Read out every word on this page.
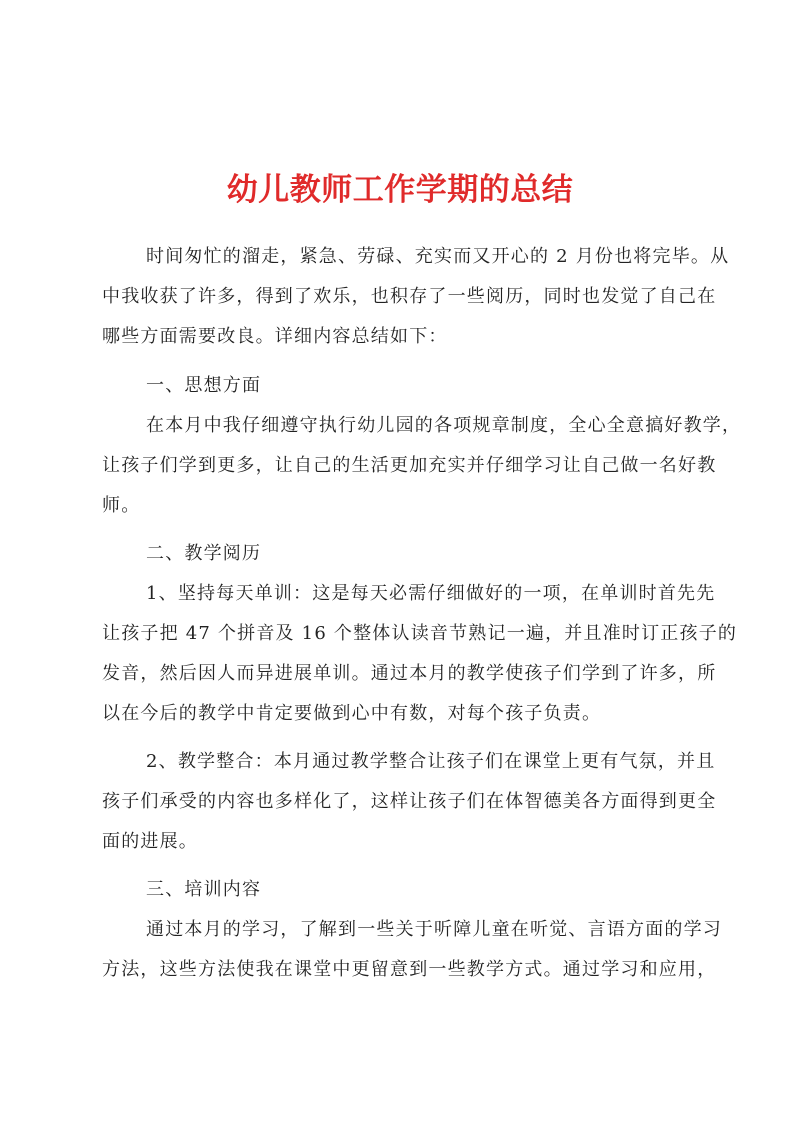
幼儿教师工作学期的总结
时间匆忙的溜走，紧急、劳碌、充实而又开心的 2 月份也将完毕。从
中我收获了许多，得到了欢乐，也积存了一些阅历，同时也发觉了自己在
哪些方面需要改良。详细内容总结如下：
一、思想方面
在本月中我仔细遵守执行幼儿园的各项规章制度，全心全意搞好教学，
让孩子们学到更多，让自己的生活更加充实并仔细学习让自己做一名好教
师。
二、教学阅历
1、坚持每天单训：这是每天必需仔细做好的一项，在单训时首先先
让孩子把 47 个拼音及 16 个整体认读音节熟记一遍，并且准时订正孩子的
发音，然后因人而异进展单训。通过本月的教学使孩子们学到了许多，所
以在今后的教学中肯定要做到心中有数，对每个孩子负责。
2、教学整合：本月通过教学整合让孩子们在课堂上更有气氛，并且
孩子们承受的内容也多样化了，这样让孩子们在体智德美各方面得到更全
面的进展。
三、培训内容
通过本月的学习，了解到一些关于听障儿童在听觉、言语方面的学习
方法，这些方法使我在课堂中更留意到一些教学方式。通过学习和应用，
